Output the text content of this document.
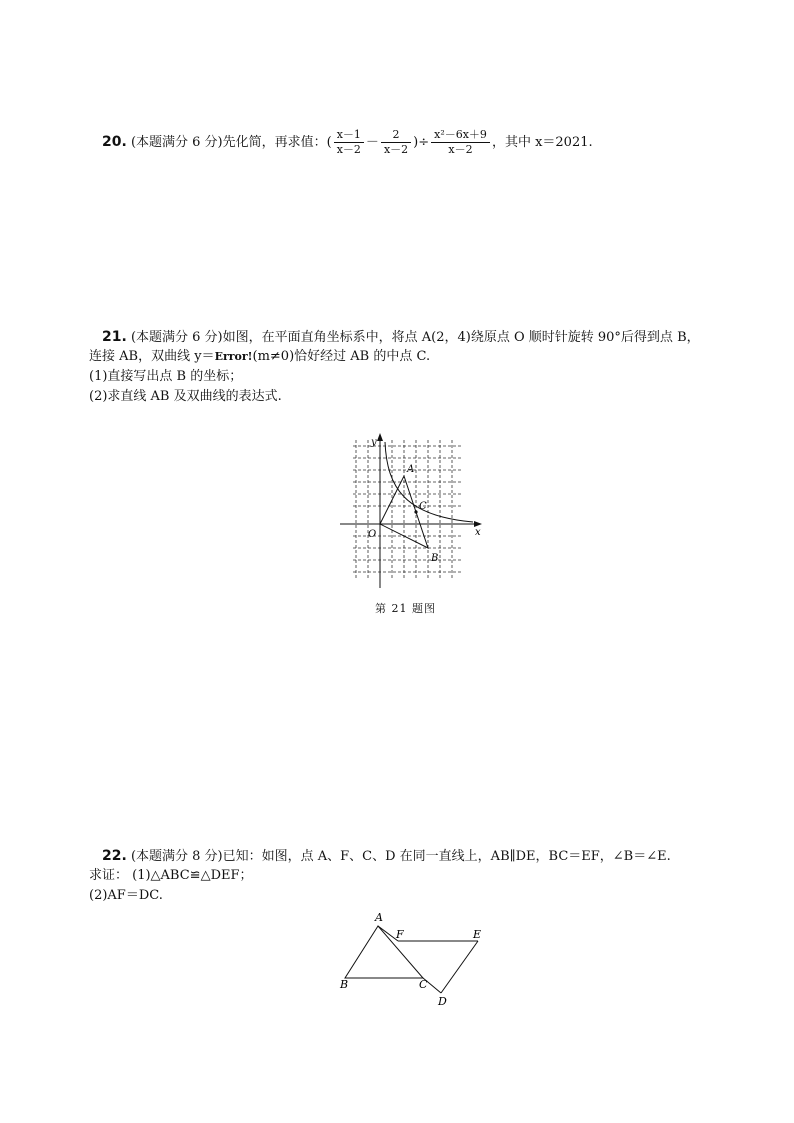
20. (本题满分 6 分)先化简，再求值：( $\frac{x-1}{x-2} - \frac{2}{x-2}$ )÷ $\frac{\text{x²－6x＋9}}{x-2}$ ，其中 x＝2021.
21. (本题满分 6 分)如图，在平面直角坐标系中，将点 A(2，4)绕原点 O 顺时针旋转 90°后得到点 B，
连接 AB，双曲线 y＝Error!(m≠0)恰好经过 AB 的中点 C.
(1)直接写出点 B 的坐标；
(2)求直线 AB 及双曲线的表达式.
y
x
O
A
C
B
第 21 题图
22. (本题满分 8 分)已知：如图，点 A、F、C、D 在同一直线上，AB∥DE，BC＝EF，∠B＝∠E.
求证： (1)△ABC≌△DEF；
(2)AF＝DC.
A
F	E
B	C
D
